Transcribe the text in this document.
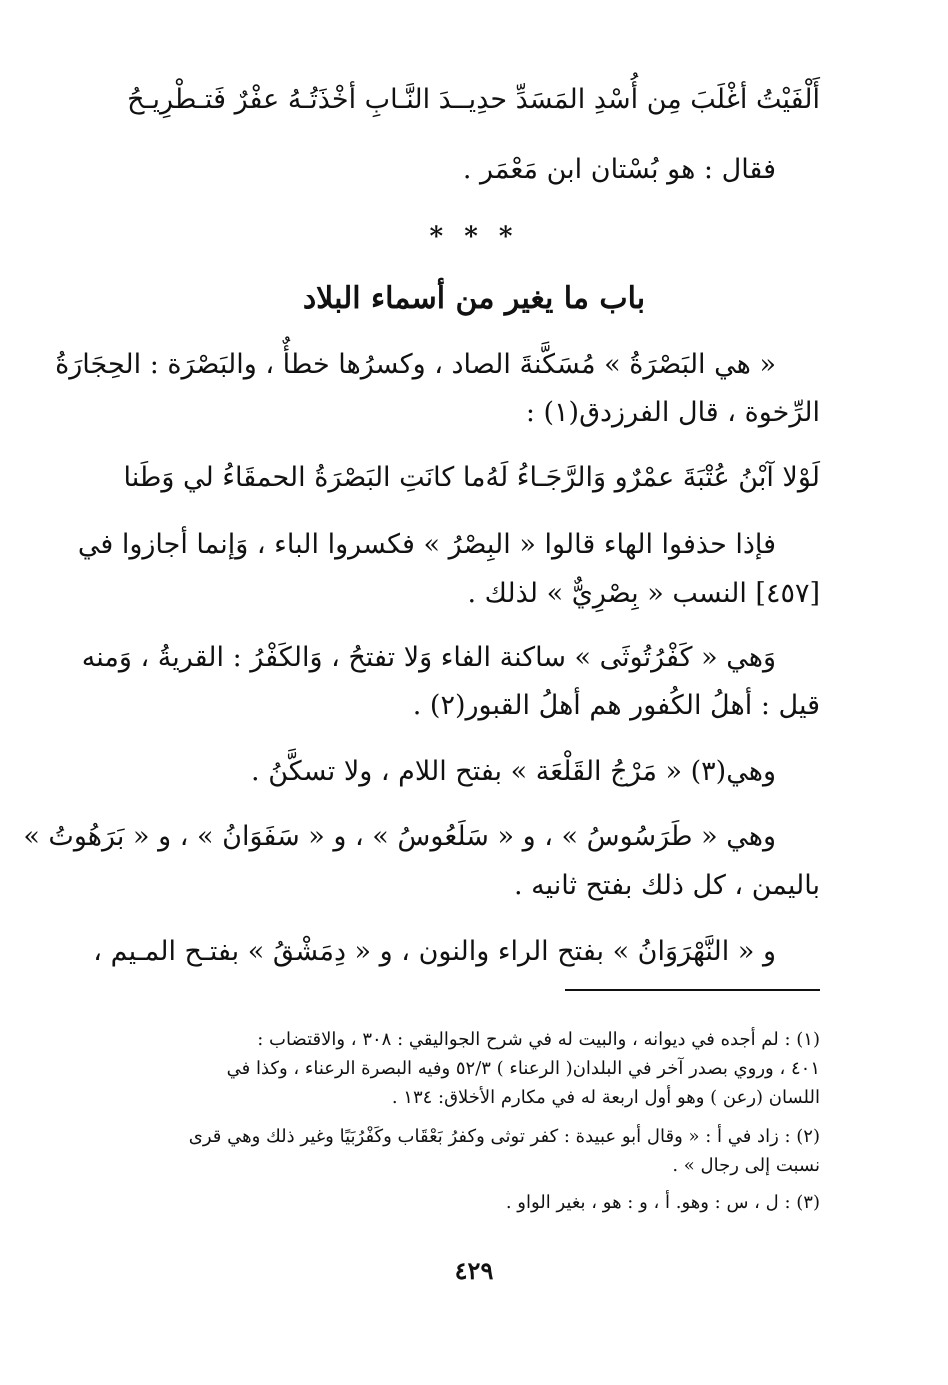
أَلْفَيْتُ أغْلَبَ مِن أُسْدِ المَسَدِّ حدِيـ
ـدَ النَّـابِ أخْذَتُـهُ عفْرٌ فَتـطْرِيـحُ
فقال : هو بُسْتان ابن مَعْمَر .
* * *
باب ما يغير من أسماء البلاد
« هي البَصْرَةُ » مُسَكَّنةَ الصاد ، وكسرُها خطأٌ ، والبَصْرَة : الحِجَارَةُ
الرِّخوة ، قال الفرزدق(١) :
لَوْلا آبْنُ عُتْبَةَ عمْرٌو وَالرَّجَـاءُ لَهُ
ما كانَتِ البَصْرَةُ الحمقَاءُ لي وَطَنا
فإذا حذفوا الهاء قالوا « البِصْرُ » فكسروا الباء ، وَإنما أجازوا في
[٤٥٧] النسب « بِصْرِيٌّ » لذلك .
وَهي « كَفْرُتُوثَى » ساكنة الفاء وَلا تفتحُ ، وَالكَفْرُ : القريةُ ، وَمنه
قيل : أهلُ الكُفور هم أهلُ القبور(٢) .
وهي(٣) « مَرْجُ القَلْعَة » بفتح اللام ، ولا تسكَّنُ .
وهي « طَرَسُوسُ » ، و « سَلَعُوسُ » ، و « سَفَوَانُ » ، و « بَرَهُوتُ »
باليمن ، كل ذلك بفتح ثانيه .
و « النَّهْرَوَانُ » بفتح الراء والنون ، و « دِمَشْقُ » بفتـح المـيم ،
(١) : لم أجده في ديوانه ، والبيت له في شرح الجواليقي : ٣٠٨ ، والاقتضاب :
٤٠١ ، وروي بصدر آخر في البلدان( الرعناء ) ٥٢/٣ وفيه البصرة الرعناء ، وكذا في
اللسان (رعن ) وهو أول اربعة له في مكارم الأخلاق: ١٣٤ .
(٢) : زاد في أ : « وقال أبو عبيدة : كفر توثى وكفرُ بَعْقَاب وكَفْرُبَيًا وغير ذلك وهي قرى
نسبت إلى رجال » .
(٣) : ل ، س : وهو. أ ، و : هو ، بغير الواو .
٤٢٩
